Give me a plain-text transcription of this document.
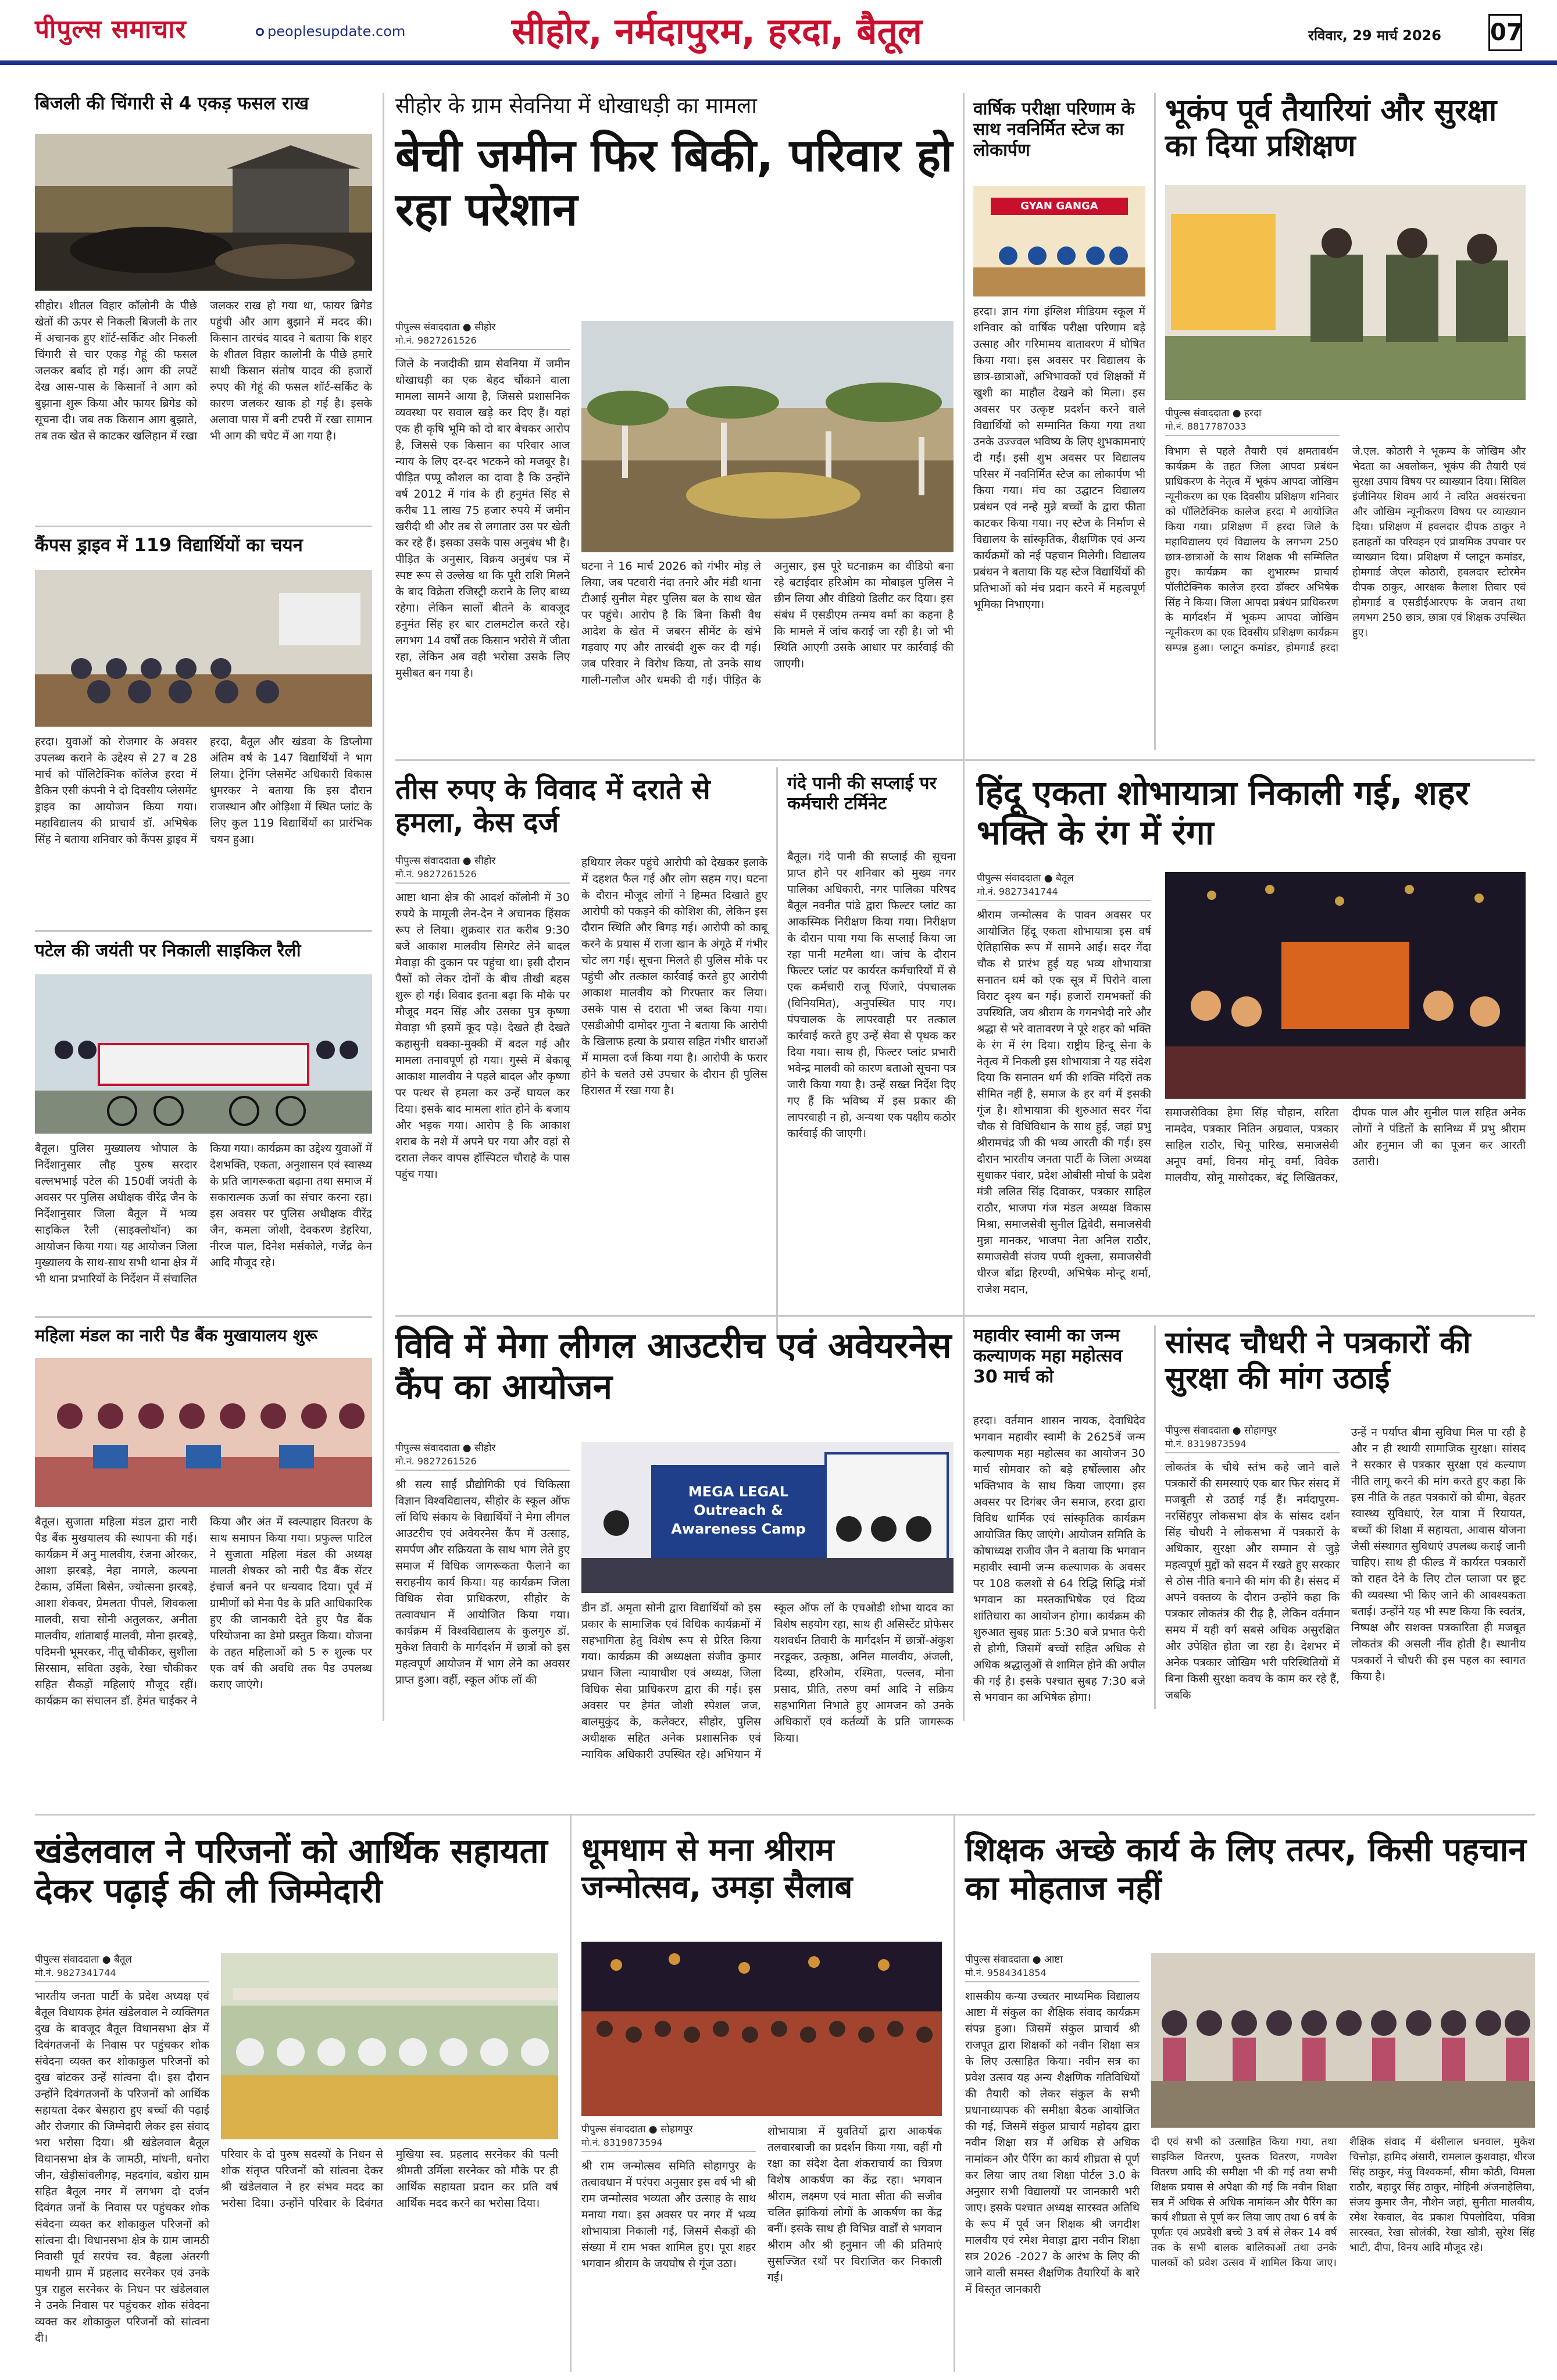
पीपुल्स समाचार	peoplesupdate.com	सीहोर, नर्मदापुरम, हरदा, बैतूल	रविवार, 29 मार्च 2026 07
बिजली की चिंगारी से 4 एकड़ फसल राख
सीहोर। शीतल विहार कॉलोनी के पीछे खेतों की ऊपर से निकली बिजली के तार में अचानक हुए शॉर्ट-सर्किट और निकली चिंगारी से चार एकड़ गेहूं की फसल जलकर बर्बाद हो गई। आग की लपटें देख आस-पास के किसानों ने आग को बुझाना शुरू किया और फायर ब्रिगेड को सूचना दी। जब तक किसान आग बुझाते, तब तक खेत से काटकर खलिहान में रखा जलकर राख हो गया था, फायर ब्रिगेड पहुंची और आग बुझाने में मदद की। किसान तारचंद यादव ने बताया कि शहर के शीतल विहार कालोनी के पीछे हमारे साथी किसान संतोष यादव की हजारों रुपए की गेहूं की फसल शॉर्ट-सर्किट के कारण जलकर खाक हो गई है। इसके अलावा पास में बनी टपरी में रखा सामान भी आग की चपेट में आ गया है।
कैंपस ड्राइव में 119 विद्यार्थियों का चयन
हरदा। युवाओं को रोजगार के अवसर उपलब्ध कराने के उद्देश्य से 27 व 28 मार्च को पॉलिटेक्निक कॉलेज हरदा में डैकिन एसी कंपनी ने दो दिवसीय प्लेसमेंट ड्राइव का आयोजन किया गया। महाविद्यालय की प्राचार्य डॉ. अभिषेक सिंह ने बताया शनिवार को कैंपस ड्राइव में हरदा, बैतूल और खंडवा के डिप्लोमा अंतिम वर्ष के 147 विद्यार्थियों ने भाग लिया। ट्रेनिंग प्लेसमेंट अधिकारी विकास धुमरकर ने बताया कि इस दौरान राजस्थान और ओड़िशा में स्थित प्लांट के लिए कुल 119 विद्यार्थियों का प्रारंभिक चयन हुआ।
पटेल की जयंती पर निकाली साइकिल रैली
बैतूल। पुलिस मुख्यालय भोपाल के निर्देशानुसार लौह पुरुष सरदार वल्लभभाई पटेल की 150वीं जयंती के अवसर पर पुलिस अधीक्षक वीरेंद्र जैन के निर्देशानुसार जिला बैतूल में भव्य साइकिल रैली (साइक्लोथॉन) का आयोजन किया गया। यह आयोजन जिला मुख्यालय के साथ-साथ सभी थाना क्षेत्र में भी थाना प्रभारियों के निर्देशन में संचालित किया गया। कार्यक्रम का उद्देश्य युवाओं में देशभक्ति, एकता, अनुशासन एवं स्वास्थ्य के प्रति जागरूकता बढ़ाना तथा समाज में सकारात्मक ऊर्जा का संचार करना रहा। इस अवसर पर पुलिस अधीक्षक वीरेंद्र जैन, कमला जोशी, देवकरण डेहरिया, नीरज पाल, दिनेश मर्सकोले, गजेंद्र केन आदि मौजूद रहे।
महिला मंडल का नारी पैड बैंक मुखायालय शुरू
बैतूल। सुजाता महिला मंडल द्वारा नारी पैड बैंक मुखयालय की स्थापना की गई। कार्यक्रम में अनु मालवीय, रंजना ओरकर, आशा झरबड़े, नेहा नागले, कल्पना टेकाम, उर्मिला बिसेन, ज्योत्सना झरबड़े, आशा शेकवर, प्रेमलता पीपले, शिवकला मालवी, सचा सोनी अतुलकर, अनीता मालवीय, शांताबाई मालवी, मोना झरबड़े, पदिमनी भूमरकर, नीतू चौकीकर, सुशीला सिरसाम, सविता उइके, रेखा चौकीकर सहित सैकड़ों महिलाएं मौजूद रहीं। कार्यक्रम का संचालन डॉ. हेमंत चाईकर ने किया और अंत में स्वल्पाहार वितरण के साथ समापन किया गया। प्रफुल्ल पाटिल ने सुजाता महिला मंडल की अध्यक्ष मालती शेषकर को नारी पैड बैंक सेंटर इंचार्ज बनने पर धन्यवाद दिया। पूर्व में ग्रामीणों को मेना पैड के प्रति आधिकारिक हुए की जानकारी देते हुए पैड बैंक परियोजना का डेमो प्रस्तुत किया। योजना के तहत महिलाओं को 5 रु शुल्क पर एक वर्ष की अवधि तक पैड उपलब्ध कराए जाएंगे।
सीहोर के ग्राम सेवनिया में धोखाधड़ी का मामला
बेची जमीन फिर बिकी, परिवार हो रहा परेशान
पीपुल्स संवाददाता ● सीहोर
मो.नं. 9827261526
जिले के नजदीकी ग्राम सेवनिया में जमीन धोखाधड़ी का एक बेहद चौंकाने वाला मामला सामने आया है, जिससे प्रशासनिक व्यवस्था पर सवाल खड़े कर दिए हैं। यहां एक ही कृषि भूमि को दो बार बेचकर आरोप है, जिससे एक किसान का परिवार आज न्याय के लिए दर-दर भटकने को मजबूर है। पीड़ित पप्पू कौशल का दावा है कि उन्होंने वर्ष 2012 में गांव के ही हनुमंत सिंह से करीब 11 लाख 75 हजार रुपये में जमीन खरीदी थी और तब से लगातार उस पर खेती कर रहे हैं। इसका उसके पास अनुबंध भी है। पीड़ित के अनुसार, विक्रय अनुबंध पत्र में स्पष्ट रूप से उल्लेख था कि पूरी राशि मिलने के बाद विक्रेता रजिस्ट्री कराने के लिए बाध्य रहेगा। लेकिन सालों बीतने के बावजूद हनुमंत सिंह हर बार टालमटोल करते रहे। लगभग 14 वर्षों तक किसान भरोसे में जीता रहा, लेकिन अब वही भरोसा उसके लिए मुसीबत बन गया है।
घटना ने 16 मार्च 2026 को गंभीर मोड़ ले लिया, जब पटवारी नंदा तनारे और मंडी थाना टीआई सुनील मेहर पुलिस बल के साथ खेत पर पहुंचे। आरोप है कि बिना किसी वैध आदेश के खेत में जबरन सीमेंट के खंभे गड़वाए गए और तारबंदी शुरू कर दी गई। जब परिवार ने विरोध किया, तो उनके साथ गाली-गलौज और धमकी दी गई। पीड़ित के अनुसार, इस पूरे घटनाक्रम का वीडियो बना रहे बटाईदार हरिओम का मोबाइल पुलिस ने छीन लिया और वीडियो डिलीट कर दिया। इस संबंध में एसडीएम तन्मय वर्मा का कहना है कि मामले में जांच कराई जा रही है। जो भी स्थिति आएगी उसके आधार पर कार्रवाई की जाएगी।
वार्षिक परीक्षा परिणाम के साथ नवनिर्मित स्टेज का लोकार्पण
GYAN GANGA
हरदा। ज्ञान गंगा इंग्लिश मीडियम स्कूल में शनिवार को वार्षिक परीक्षा परिणाम बड़े उत्साह और गरिमामय वातावरण में घोषित किया गया। इस अवसर पर विद्यालय के छात्र-छात्राओं, अभिभावकों एवं शिक्षकों में खुशी का माहौल देखने को मिला। इस अवसर पर उत्कृष्ट प्रदर्शन करने वाले विद्यार्थियों को सम्मानित किया गया तथा उनके उज्ज्वल भविष्य के लिए शुभकामनाएं दी गईं। इसी शुभ अवसर पर विद्यालय परिसर में नवनिर्मित स्टेज का लोकार्पण भी किया गया। मंच का उद्घाटन विद्यालय प्रबंधन एवं नन्हे मुन्ने बच्चों के द्वारा फीता काटकर किया गया। नए स्टेज के निर्माण से विद्यालय के सांस्कृतिक, शैक्षणिक एवं अन्य कार्यक्रमों को नई पहचान मिलेगी। विद्यालय प्रबंधन ने बताया कि यह स्टेज विद्यार्थियों की प्रतिभाओं को मंच प्रदान करने में महत्वपूर्ण भूमिका निभाएगा।
भूकंप पूर्व तैयारियां और सुरक्षा का दिया प्रशिक्षण
पीपुल्स संवाददाता ● हरदा
मो.नं. 8817787033
विभाग से पहले तैयारी एवं क्षमतावर्धन कार्यक्रम के तहत जिला आपदा प्रबंधन प्राधिकरण के नेतृत्व में भूकंप आपदा जोखिम न्यूनीकरण का एक दिवसीय प्रशिक्षण शनिवार को पॉलिटेक्निक कालेज हरदा मे आयोजित किया गया। प्रशिक्षण में हरदा जिले के महाविद्यालय एवं विद्यालय के लगभग 250 छात्र-छात्राओं के साथ शिक्षक भी सम्मिलित हुए। कार्यक्रम का शुभारम्भ प्राचार्य पॉलीटेक्निक कालेज हरदा डॉक्टर अभिषेक सिंह ने किया। जिला आपदा प्रबंधन प्राधिकरण के मार्गदर्शन में भूकम्प आपदा जोखिम न्यूनीकरण का एक दिवसीय प्रशिक्षण कार्यक्रम सम्पन्न हुआ। प्लाटून कमांडर, होमगार्ड हरदा जे.एल. कोठारी ने भूकम्प के जोखिम और भेदता का अवलोकन, भूकंप की तैयारी एवं सुरक्षा उपाय विषय पर व्याख्यान दिया। सिविल इंजीनियर शिवम आर्य ने त्वरित अवसंरचना और जोखिम न्यूनीकरण विषय पर व्याख्यान दिया। प्रशिक्षण में हवलदार दीपक ठाकुर ने हताहतों का परिवहन एवं प्राथमिक उपचार पर व्याख्यान दिया। प्रशिक्षण में प्लाटून कमांडर, होमगार्ड जेएल कोठारी, हवलदार स्टोरमेन दीपक ठाकुर, आरक्षक कैलाश तिवार एवं होमगार्ड व एसडीईआरएफ के जवान तथा लगभग 250 छात्र, छात्रा एवं शिक्षक उपस्थित हुए।
तीस रुपए के विवाद में दराते से हमला, केस दर्ज
पीपुल्स संवाददाता ● सीहोर
मो.नं. 9827261526
आष्टा थाना क्षेत्र की आदर्श कॉलोनी में 30 रुपये के मामूली लेन-देन ने अचानक हिंसक रूप ले लिया। शुक्रवार रात करीब 9:30 बजे आकाश मालवीय सिगरेट लेने बादल मेवाड़ा की दुकान पर पहुंचा था। इसी दौरान पैसों को लेकर दोनों के बीच तीखी बहस शुरू हो गई। विवाद इतना बढ़ा कि मौके पर मौजूद मदन सिंह और उसका पुत्र कृष्णा मेवाड़ा भी इसमें कूद पड़े। देखते ही देखते कहासुनी धक्का-मुक्की में बदल गई और मामला तनावपूर्ण हो गया। गुस्से में बेकाबू आकाश मालवीय ने पहले बादल और कृष्णा पर पत्थर से हमला कर उन्हें घायल कर दिया। इसके बाद मामला शांत होने के बजाय और भड़क गया। आरोप है कि आकाश शराब के नशे में अपने घर गया और वहां से दराता लेकर वापस हॉस्पिटल चौराहे के पास पहुंच गया।
हथियार लेकर पहुंचे आरोपी को देखकर इलाके में दहशत फैल गई और लोग सहम गए। घटना के दौरान मौजूद लोगों ने हिम्मत दिखाते हुए आरोपी को पकड़ने की कोशिश की, लेकिन इस दौरान स्थिति और बिगड़ गई। आरोपी को काबू करने के प्रयास में राजा खान के अंगूठे में गंभीर चोट लग गई। सूचना मिलते ही पुलिस मौके पर पहुंची और तत्काल कार्रवाई करते हुए आरोपी आकाश मालवीय को गिरफ्तार कर लिया। उसके पास से दराता भी जब्त किया गया। एसडीओपी दामोदर गुप्ता ने बताया कि आरोपी के खिलाफ हत्या के प्रयास सहित गंभीर धाराओं में मामला दर्ज किया गया है। आरोपी के फरार होने के चलते उसे उपचार के दौरान ही पुलिस हिरासत में रखा गया है।
गंदे पानी की सप्लाई पर कर्मचारी टर्मिनेट
बैतूल। गंदे पानी की सप्लाई की सूचना प्राप्त होने पर शनिवार को मुख्य नगर पालिका अधिकारी, नगर पालिका परिषद बैतूल नवनीत पांडे द्वारा फिल्टर प्लांट का आकस्मिक निरीक्षण किया गया। निरीक्षण के दौरान पाया गया कि सप्लाई किया जा रहा पानी मटमैला था। जांच के दौरान फिल्टर प्लांट पर कार्यरत कर्मचारियों में से एक कर्मचारी राजू पिंजारे, पंपचालक (विनियमित), अनुपस्थित पाए गए। पंपचालक के लापरवाही पर तत्काल कार्रवाई करते हुए उन्हें सेवा से पृथक कर दिया गया। साथ ही, फिल्टर प्लांट प्रभारी भवेन्द्र मालवी को कारण बताओ सूचना पत्र जारी किया गया है। उन्हें सख्त निर्देश दिए गए हैं कि भविष्य में इस प्रकार की लापरवाही न हो, अन्यथा एक पक्षीय कठोर कार्रवाई की जाएगी।
हिंदू एकता शोभायात्रा निकाली गई, शहर भक्ति के रंग में रंगा
पीपुल्स संवाददाता ● बैतूल
मो.नं. 9827341744
श्रीराम जन्मोत्सव के पावन अवसर पर आयोजित हिंदू एकता शोभायात्रा इस वर्ष ऐतिहासिक रूप में सामने आई। सदर गेंदा चौक से प्रारंभ हुई यह भव्य शोभायात्रा सनातन धर्म को एक सूत्र में पिरोने वाला विराट दृश्य बन गई। हजारों रामभक्तों की उपस्थिति, जय श्रीराम के गगनभेदी नारे और श्रद्धा से भरे वातावरण ने पूरे शहर को भक्ति के रंग में रंग दिया। राष्ट्रीय हिन्दू सेना के नेतृत्व में निकली इस शोभायात्रा ने यह संदेश दिया कि सनातन धर्म की शक्ति मंदिरों तक सीमित नहीं है, समाज के हर वर्ग में इसकी गूंज है। शोभायात्रा की शुरुआत सदर गेंदा चौक से विधिविधान के साथ हुई, जहां प्रभु श्रीरामचंद्र जी की भव्य आरती की गई। इस दौरान भारतीय जनता पार्टी के जिला अध्यक्ष सुधाकर पंवार, प्रदेश ओबीसी मोर्चा के प्रदेश मंत्री ललित सिंह दिवाकर, पत्रकार साहिल राठौर, भाजपा गंज मंडल अध्यक्ष विकास मिश्रा, समाजसेवी सुनील द्विवेदी, समाजसेवी मुन्ना मानकर, भाजपा नेता अनिल राठौर, समाजसेवी संजय पप्पी शुक्ला, समाजसेवी धीरज बोंद्रा हिरण्यी, अभिषेक मोन्टू शर्मा, राजेश मदान,
समाजसेविका हेमा सिंह चौहान, सरिता नामदेव, पत्रकार नितिन अग्रवाल, पत्रकार साहिल राठौर, चिनू पारिख, समाजसेवी अनूप वर्मा, विनय मोनू वर्मा, विवेक मालवीय, सोनू मासोदकर, बंटू लिखितकर, दीपक पाल और सुनील पाल सहित अनेक लोगों ने पंडितों के सानिध्य में प्रभु श्रीराम और हनुमान जी का पूजन कर आरती उतारी।
विवि में मेगा लीगल आउटरीच एवं अवेयरनेस कैंप का आयोजन
पीपुल्स संवाददाता ● सीहोर
मो.नं. 9827261526
श्री सत्य साईं प्रौद्योगिकी एवं चिकित्सा विज्ञान विश्वविद्यालय, सीहोर के स्कूल ऑफ लॉ विधि संकाय के विद्यार्थियों ने मेगा लीगल आउटरीच एवं अवेयरनेस कैंप में उत्साह, समर्पण और सक्रियता के साथ भाग लेते हुए समाज में विधिक जागरूकता फैलाने का सराहनीय कार्य किया। यह कार्यक्रम जिला विधिक सेवा प्राधिकरण, सीहोर के तत्वावधान में आयोजित किया गया। कार्यक्रम में विश्वविद्यालय के कुलगुरु डॉ. मुकेश तिवारी के मार्गदर्शन में छात्रों को इस महत्वपूर्ण आयोजन में भाग लेने का अवसर प्राप्त हुआ। वहीं, स्कूल ऑफ लॉ की
MEGA LEGAL Outreach & Awareness Camp
डीन डॉ. अमृता सोनी द्वारा विद्यार्थियों को इस प्रकार के सामाजिक एवं विधिक कार्यक्रमों में सहभागिता हेतु विशेष रूप से प्रेरित किया गया। कार्यक्रम की अध्यक्षता संजीव कुमार प्रधान जिला न्यायाधीश एवं अध्यक्ष, जिला विधिक सेवा प्राधिकरण द्वारा की गई। इस अवसर पर हेमंत जोशी स्पेशल जज, बालमुकुंद के, कलेक्टर, सीहोर, पुलिस अधीक्षक सहित अनेक प्रशासनिक एवं न्यायिक अधिकारी उपस्थित रहे। अभियान में स्कूल ऑफ लॉ के एचओडी शोभा यादव का विशेष सहयोग रहा, साथ ही असिस्टेंट प्रोफेसर यशवर्धन तिवारी के मार्गदर्शन में छात्रों-अंकुश नरडूकर, उत्कृष्ठा, अनिल मालवीय, अंजली, दिव्या, हरिओम, रश्मिता, पल्लव, मोना प्रसाद, प्रीति, तरुण वर्मा आदि ने सक्रिय सहभागिता निभाते हुए आमजन को उनके अधिकारों एवं कर्तव्यों के प्रति जागरूक किया।
महावीर स्वामी का जन्म कल्याणक महा महोत्सव 30 मार्च को
हरदा। वर्तमान शासन नायक, देवाधिदेव भगवान महावीर स्वामी के 2625वें जन्म कल्याणक महा महोत्सव का आयोजन 30 मार्च सोमवार को बड़े हर्षोल्लास और भक्तिभाव के साथ किया जाएगा। इस अवसर पर दिगंबर जैन समाज, हरदा द्वारा विविध धार्मिक एवं सांस्कृतिक कार्यक्रम आयोजित किए जाएंगे। आयोजन समिति के कोषाध्यक्ष राजीव जैन ने बताया कि भगवान महावीर स्वामी जन्म कल्याणक के अवसर पर 108 कलशों से 64 रिद्धि सिद्धि मंत्रों भगवान का मस्तकाभिषेक एवं दिव्य शांतिधारा का आयोजन होगा। कार्यक्रम की शुरुआत सुबह प्रातः 5:30 बजे प्रभात फेरी से होगी, जिसमें बच्चों सहित अधिक से अधिक श्रद्धालुओं से शामिल होने की अपील की गई है। इसके पश्चात सुबह 7:30 बजे से भगवान का अभिषेक होगा।
सांसद चौधरी ने पत्रकारों की सुरक्षा की मांग उठाई
पीपुल्स संवाददाता ● सोहागपुर
मो.नं. 8319873594
लोकतंत्र के चौथे स्तंभ कहे जाने वाले पत्रकारों की समस्याएं एक बार फिर संसद में मजबूती से उठाई गई हैं। नर्मदापुरम-नरसिंहपुर लोकसभा क्षेत्र के सांसद दर्शन सिंह चौधरी ने लोकसभा में पत्रकारों के अधिकार, सुरक्षा और सम्मान से जुड़े महत्वपूर्ण मुद्दों को सदन में रखते हुए सरकार से ठोस नीति बनाने की मांग की है। संसद में अपने वक्तव्य के दौरान उन्होंने कहा कि पत्रकार लोकतंत्र की रीढ़ है, लेकिन वर्तमान समय में यही वर्ग सबसे अधिक असुरक्षित और उपेक्षित होता जा रहा है। देशभर में अनेक पत्रकार जोखिम भरी परिस्थितियों में बिना किसी सुरक्षा कवच के काम कर रहे हैं, जबकि
उन्हें न पर्याप्त बीमा सुविधा मिल पा रही है और न ही स्थायी सामाजिक सुरक्षा। सांसद ने सरकार से पत्रकार सुरक्षा एवं कल्याण नीति लागू करने की मांग करते हुए कहा कि इस नीति के तहत पत्रकारों को बीमा, बेहतर स्वास्थ्य सुविधाएं, रेल यात्रा में रियायत, बच्चों की शिक्षा में सहायता, आवास योजना जैसी संस्थागत सुविधाएं उपलब्ध कराई जानी चाहिए। साथ ही फील्ड में कार्यरत पत्रकारों को राहत देने के लिए टोल प्लाजा पर छूट की व्यवस्था भी किए जाने की आवश्यकता बताई। उन्होंने यह भी स्पष्ट किया कि स्वतंत्र, निष्पक्ष और सशक्त पत्रकारिता ही मजबूत लोकतंत्र की असली नींव होती है। स्थानीय पत्रकारों ने चौधरी की इस पहल का स्वागत किया है।
खंडेलवाल ने परिजनों को आर्थिक सहायता देकर पढ़ाई की ली जिम्मेदारी
पीपुल्स संवाददाता ● बैतूल
मो.नं. 9827341744
भारतीय जनता पार्टी के प्रदेश अध्यक्ष एवं बैतूल विधायक हेमंत खंडेलवाल ने व्यक्तिगत दुख के बावजूद बैतूल विधानसभा क्षेत्र में दिवंगतजनों के निवास पर पहुंचकर शोक संवेदना व्यक्त कर शोकाकुल परिजनों को दुख बांटकर उन्हें सांत्वना दी। इस दौरान उन्होंने दिवंगतजनों के परिजनों को आर्थिक सहायता देकर बेसहारा हुए बच्चों की पढ़ाई और रोजगार की जिम्मेदारी लेकर इस संवाद भरा भरोसा दिया। श्री खंडेलवाल बैतूल विधानसभा क्षेत्र के जामठी, मांधनी, धनोरा जीन, खेड़ीसांवलीगढ़, महदगांव, बडोरा ग्राम सहित बैतूल नगर में लगभग दो दर्जन दिवंगत जनों के निवास पर पहुंचकर शोक संवेदना व्यक्त कर शोकाकुल परिजनों को सांत्वना दी। विधानसभा क्षेत्र के ग्राम जामठी निवासी पूर्व सरपंच स्व. बैहला अंतरगी माधनी ग्राम में प्रहलाद सरनेकर एवं उनके पुत्र राहुल सरनेकर के निधन पर खंडेलवाल ने उनके निवास पर पहुंचकर शोक संवेदना व्यक्त कर शोकाकुल परिजनों को सांत्वना दी।
परिवार के दो पुरुष सदस्यों के निधन से शोक संतृप्त परिजनों को सांत्वना देकर श्री खंडेलवाल ने हर संभव मदद का भरोसा दिया। उन्होंने परिवार के दिवंगत मुखिया स्व. प्रहलाद सरनेकर की पत्नी श्रीमती उर्मिला सरनेकर को मौके पर ही आर्थिक सहायता प्रदान कर प्रति वर्ष आर्थिक मदद करने का भरोसा दिया।
धूमधाम से मना श्रीराम जन्मोत्सव, उमड़ा सैलाब
पीपुल्स संवाददाता ● सोहागपुर
मो.नं. 8319873594
श्री राम जन्मोत्सव समिति सोहागपुर के तत्वावधान में परंपरा अनुसार इस वर्ष भी श्री राम जन्मोत्सव भव्यता और उत्साह के साथ मनाया गया। इस अवसर पर नगर में भव्य शोभायात्रा निकाली गई, जिसमें सैकड़ों की संख्या में राम भक्त शामिल हुए। पूरा शहर भगवान श्रीराम के जयघोष से गूंज उठा।
शोभायात्रा में युवतियों द्वारा आकर्षक तलवारबाजी का प्रदर्शन किया गया, वहीं गौ रक्षा का संदेश देता शंकराचार्य का चित्रण विशेष आकर्षण का केंद्र रहा। भगवान श्रीराम, लक्ष्मण एवं माता सीता की सजीव चलित झांकियां लोगों के आकर्षण का केंद्र बनीं। इसके साथ ही विभिन्न वार्डों से भगवान श्रीराम और श्री हनुमान जी की प्रतिमाएं सुसज्जित रथों पर विराजित कर निकाली गईं।
शिक्षक अच्छे कार्य के लिए तत्पर, किसी पहचान का मोहताज नहीं
पीपुल्स संवाददाता ● आष्टा
मो.नं. 9584341854
शासकीय कन्या उच्चतर माध्यमिक विद्यालय आष्टा में संकुल का शैक्षिक संवाद कार्यक्रम संपन्न हुआ। जिसमें संकुल प्राचार्य श्री राजपूत द्वारा शिक्षकों को नवीन शिक्षा सत्र के लिए उत्साहित किया। नवीन सत्र का प्रवेश उत्सव यह अन्य शैक्षणिक गतिविधियों की तैयारी को लेकर संकुल के सभी प्रधानाध्यापक की समीक्षा बैठक आयोजित की गई, जिसमें संकुल प्राचार्य महोदय द्वारा नवीन शिक्षा सत्र में अधिक से अधिक नामांकन और पैरिंग का कार्य शीघ्रता से पूर्ण कर लिया जाए तथा शिक्षा पोर्टल 3.0 के अनुसार सभी विद्यालयों पर जानकारी भरी जाए। इसके पश्चात अध्यक्ष सारस्वत अतिथि के रूप में पूर्व जन शिक्षक श्री जगदीश मालवीय एवं रमेश मेवाड़ा द्वारा नवीन शिक्षा सत्र 2026 -2027 के आरंभ के लिए की जाने वाली समस्त शैक्षणिक तैयारियों के बारे में विस्तृत जानकारी
दी एवं सभी को उत्साहित किया गया, तथा साइकिल वितरण, पुस्तक वितरण, गणवेश वितरण आदि की समीक्षा भी की गई तथा सभी शिक्षक प्रयास से अपेक्षा की गई कि नवीन शिक्षा सत्र में अधिक से अधिक नामांकन और पैरिंग का कार्य शीघ्रता से पूर्ण कर लिया जाए तथा 6 वर्ष के पूर्णतः एवं अप्रवेशी बच्चे 3 वर्ष से लेकर 14 वर्ष तक के सभी बालक बालिकाओं तथा उनके पालकों को प्रवेश उत्सव में शामिल किया जाए। शैक्षिक संवाद में बंसीलाल धनवाल, मुकेश चित्तोड़ा, हामिद अंसारी, रामलाल कुशवाहा, धीरज सिंह ठाकुर, मंजु विश्वकर्मा, सीमा कोठी, विमला राठौर, बहादुर सिंह ठाकुर, मोहिनी अंजनाहेलिया, संजय कुमार जैन, नौशेन जहां, सुनीता मालवीय, रमेश रेकवाल, वेद प्रकाश पिपलोदिया, पवित्रा सारस्वत, रेखा सोलंकी, रेखा खोत्री, सुरेश सिंह भाटी, दीपा, विनय आदि मौजूद रहे।
